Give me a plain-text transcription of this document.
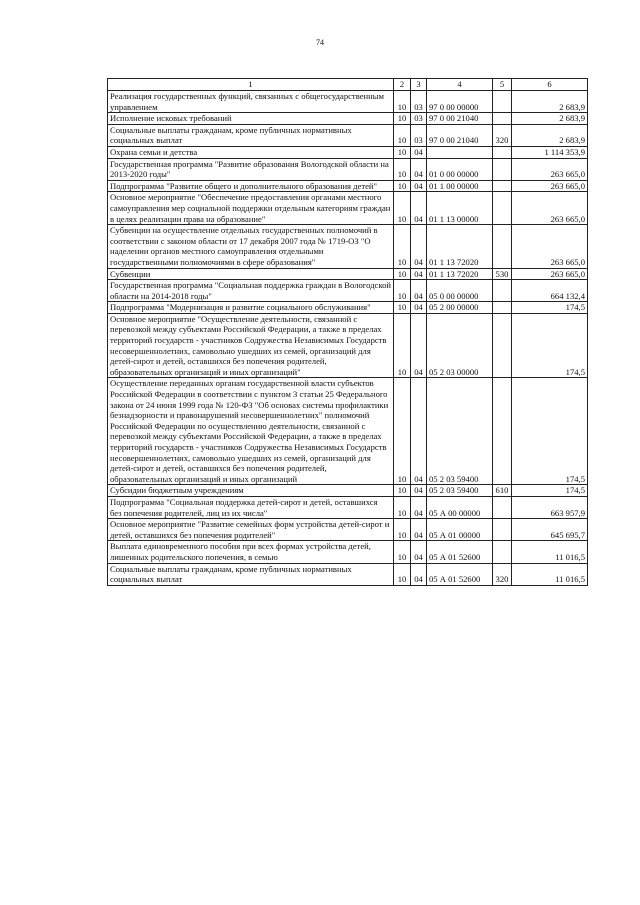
74
1	2	3	4	5	6
Реализация государственных функций, связанных с общегосударственным управлением	10	03	97 0 00 00000		2 683,9
Исполнение исковых требований	10	03	97 0 00 21040		2 683,9
Социальные выплаты гражданам, кроме публичных нормативных социальных выплат	10	03	97 0 00 21040	320	2 683,9
Охрана семьи и детства	10	04			1 114 353,9
Государственная программа "Развитие образования Вологодской области на 2013-2020 годы"	10	04	01 0 00 00000		263 665,0
Подпрограмма "Развитие общего и дополнительного образования детей"	10	04	01 1 00 00000		263 665,0
Основное мероприятие "Обеспечение предоставления органами местного самоуправления мер социальной поддержки отдельным категориям граждан в целях реализации права на образование"	10	04	01 1 13 00000		263 665,0
Субвенции на осуществление отдельных государственных полномочий в соответствии с законом области от 17 декабря 2007 года № 1719-ОЗ "О наделении органов местного самоуправления отдельными государственными полномочиями в сфере образования"	10	04	01 1 13 72020		263 665,0
Субвенции	10	04	01 1 13 72020	530	263 665,0
Государственная программа "Социальная поддержка граждан в Вологодской области на 2014-2018 годы"	10	04	05 0 00 00000		664 132,4
Подпрограмма "Модернизация и развитие социального обслуживания"	10	04	05 2 00 00000		174,5
Основное мероприятие "Осуществление деятельности, связанной с перевозкой между субъектами Российской Федерации, а также в пределах территорий государств - участников Содружества Независимых Государств несовершеннолетних, самовольно ушедших из семей, организаций для детей-сирот и детей, оставшихся без попечения родителей, образовательных организаций и иных организаций"	10	04	05 2 03 00000		174,5
Осуществление переданных органам государственной власти субъектов Российской Федерации в соответствии с пунктом 3 статьи 25 Федерального закона от 24 июня 1999 года № 120-ФЗ "Об основах системы профилактики безнадзорности и правонарушений несовершеннолетних" полномочий Российской Федерации по осуществлению деятельности, связанной с перевозкой между субъектами Российской Федерации, а также в пределах территорий государств - участников Содружества Независимых Государств несовершеннолетних, самовольно ушедших из семей, организаций для детей-сирот и детей, оставшихся без попечения родителей, образовательных организаций и иных организаций	10	04	05 2 03 59400		174,5
Субсидии бюджетным учреждениям	10	04	05 2 03 59400	610	174,5
Подпрограмма "Социальная поддержка детей-сирот и детей, оставшихся без попечения родителей, лиц из их числа"	10	04	05 А 00 00000		663 957,9
Основное мероприятие "Развитие семейных форм устройства детей-сирот и детей, оставшихся без попечения родителей"	10	04	05 А 01 00000		645 695,7
Выплата единовременного пособия при всех формах устройства детей, лишенных родительского попечения, в семью	10	04	05 А 01 52600		11 016,5
Социальные выплаты гражданам, кроме публичных нормативных социальных выплат	10	04	05 А 01 52600	320	11 016,5
